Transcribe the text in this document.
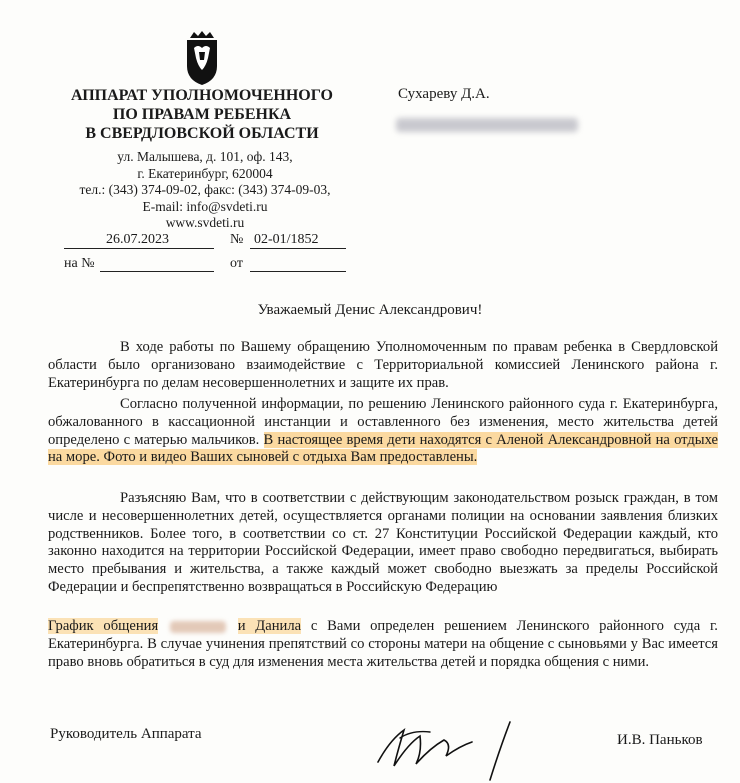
АППАРАТ УПОЛНОМОЧЕННОГО
ПО ПРАВАМ РЕБЕНКА
В СВЕРДЛОВСКОЙ ОБЛАСТИ
ул. Малышева, д. 101, оф. 143,
г. Екатеринбург, 620004
тел.: (343) 374-09-02, факс: (343) 374-09-03,
E-mail: info@svdeti.ru
www.svdeti.ru
26.07.2023	№ 02-01/1852
на №	от
Сухареву Д.А.
Уважаемый Денис Александрович!
В ходе работы по Вашему обращению Уполномоченным по правам ребенка в Свердловской области было организовано взаимодействие с Территориальной комиссией Ленинского района г. Екатеринбурга по делам несовершеннолетних и защите их прав.
Согласно полученной информации, по решению Ленинского районного суда г. Екатеринбурга, обжалованного в кассационной инстанции и оставленного без изменения, место жительства детей определено с матерью мальчиков. В настоящее время дети находятся с Аленой Александровной на отдыхе на море. Фото и видео Ваших сыновей с отдыха Вам предоставлены.
Разъясняю Вам, что в соответствии с действующим законодательством розыск граждан, в том числе и несовершеннолетних детей, осуществляется органами полиции на основании заявления близких родственников. Более того, в соответствии со ст. 27 Конституции Российской Федерации каждый, кто законно находится на территории Российской Федерации, имеет право свободно передвигаться, выбирать место пребывания и жительства, а также каждый может свободно выезжать за пределы Российской Федерации и беспрепятственно возвращаться в Российскую Федерацию
График общения	и Данила с Вами определен решением Ленинского районного суда г. Екатеринбурга. В случае учинения препятствий со стороны матери на общение с сыновьями у Вас имеется право вновь обратиться в суд для изменения места жительства детей и порядка общения с ними.
Руководитель Аппарата	И.В. Паньков
